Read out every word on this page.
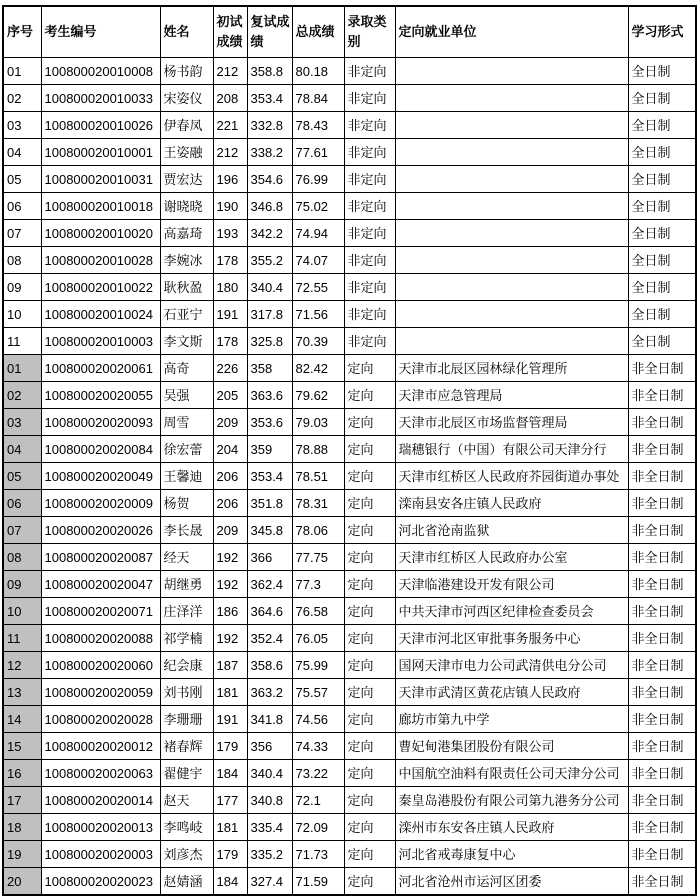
序号	考生编号	姓名	初试成绩	复试成绩	总成绩	录取类别	定向就业单位	学习形式
01	100800020010008	杨书韵	212	358.8	80.18	非定向		全日制
02	100800020010033	宋姿仪	208	353.4	78.84	非定向		全日制
03	100800020010026	伊春凤	221	332.8	78.43	非定向		全日制
04	100800020010001	王姿融	212	338.2	77.61	非定向		全日制
05	100800020010031	贾宏达	196	354.6	76.99	非定向		全日制
06	100800020010018	谢晓晓	190	346.8	75.02	非定向		全日制
07	100800020010020	高嘉琦	193	342.2	74.94	非定向		全日制
08	100800020010028	李婉冰	178	355.2	74.07	非定向		全日制
09	100800020010022	耿秋盈	180	340.4	72.55	非定向		全日制
10	100800020010024	石亚宁	191	317.8	71.56	非定向		全日制
11	100800020010003	李文斯	178	325.8	70.39	非定向		全日制
01	100800020020061	高奇	226	358	82.42	定向	天津市北辰区园林绿化管理所	非全日制
02	100800020020055	吴强	205	363.6	79.62	定向	天津市应急管理局	非全日制
03	100800020020093	周雪	209	353.6	79.03	定向	天津市北辰区市场监督管理局	非全日制
04	100800020020084	徐宏蕾	204	359	78.88	定向	瑞穗银行（中国）有限公司天津分行	非全日制
05	100800020020049	王馨迪	206	353.4	78.51	定向	天津市红桥区人民政府芥园街道办事处	非全日制
06	100800020020009	杨贺	206	351.8	78.31	定向	滦南县安各庄镇人民政府	非全日制
07	100800020020026	李长晟	209	345.8	78.06	定向	河北省沧南监狱	非全日制
08	100800020020087	经天	192	366	77.75	定向	天津市红桥区人民政府办公室	非全日制
09	100800020020047	胡继勇	192	362.4	77.3	定向	天津临港建设开发有限公司	非全日制
10	100800020020071	庄泽洋	186	364.6	76.58	定向	中共天津市河西区纪律检查委员会	非全日制
11	100800020020088	祁学楠	192	352.4	76.05	定向	天津市河北区审批事务服务中心	非全日制
12	100800020020060	纪会康	187	358.6	75.99	定向	国网天津市电力公司武清供电分公司	非全日制
13	100800020020059	刘书刚	181	363.2	75.57	定向	天津市武清区黄花店镇人民政府	非全日制
14	100800020020028	李珊珊	191	341.8	74.56	定向	廊坊市第九中学	非全日制
15	100800020020012	褚春辉	179	356	74.33	定向	曹妃甸港集团股份有限公司	非全日制
16	100800020020063	翟健宇	184	340.4	73.22	定向	中国航空油料有限责任公司天津分公司	非全日制
17	100800020020014	赵天	177	340.8	72.1	定向	秦皇岛港股份有限公司第九港务分公司	非全日制
18	100800020020013	李鸣岐	181	335.4	72.09	定向	滦州市东安各庄镇人民政府	非全日制
19	100800020020003	刘彦杰	179	335.2	71.73	定向	河北省戒毒康复中心	非全日制
20	100800020020023	赵婧涵	184	327.4	71.59	定向	河北省沧州市运河区团委	非全日制
